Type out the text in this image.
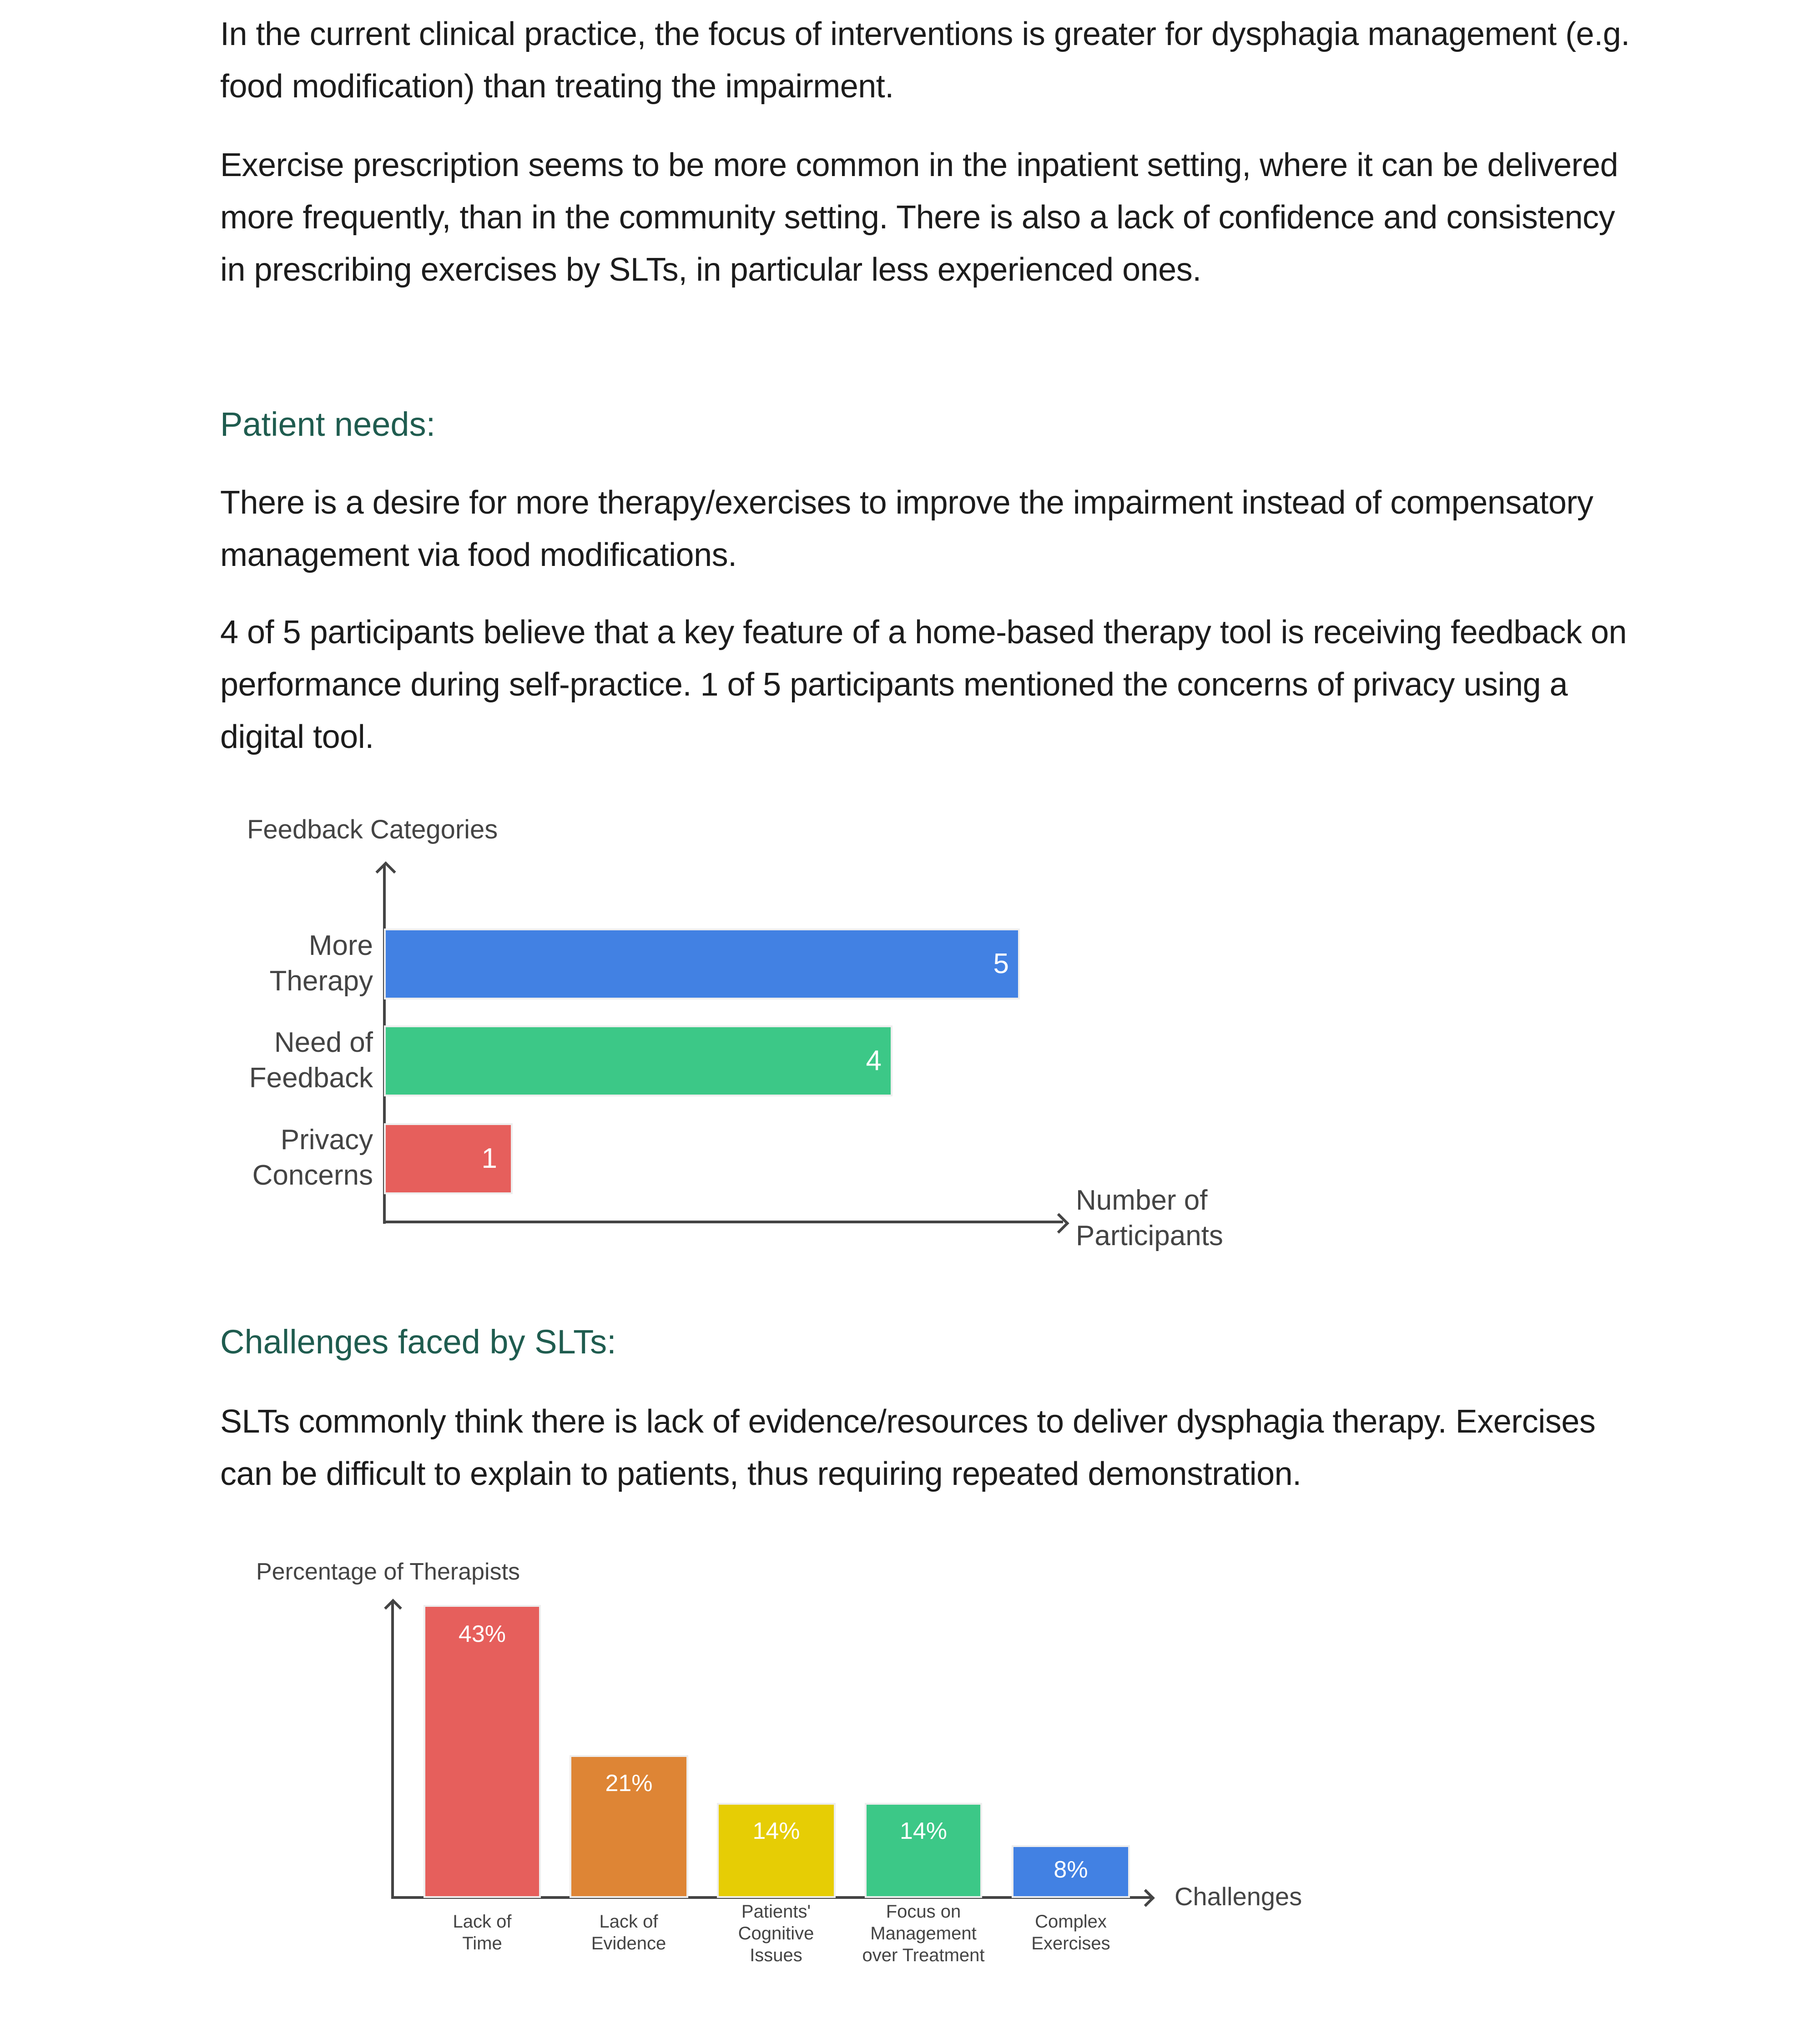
In the current clinical practice, the focus of interventions is greater for dysphagia management (e.g. food modification) than treating the impairment.

Exercise prescription seems to be more common in the inpatient setting, where it can be delivered more frequently, than in the community setting. There is also a lack of confidence and consistency in prescribing exercises by SLTs, in particular less experienced ones.

Patient needs:

There is a desire for more therapy/exercises to improve the impairment instead of compensatory management via food modifications.

4 of 5 participants believe that a key feature of a home-based therapy tool is receiving feedback on performance during self-practice. 1 of 5 participants mentioned the concerns of privacy using a digital tool.

Feedback Categories
Number of
Participants
More
Therapy
5
Need of
Feedback
4
Privacy
Concerns
1
Challenges faced by SLTs:

SLTs commonly think there is lack of evidence/resources to deliver dysphagia therapy. Exercises can be difficult to explain to patients, thus requiring repeated demonstration.

Percentage of Therapists
Challenges
43%
Lack of
Time
21%
Lack of
Evidence
14%
Patients'
Cognitive
Issues
14%
Focus on
Management
over Treatment
8%
Complex
Exercises
